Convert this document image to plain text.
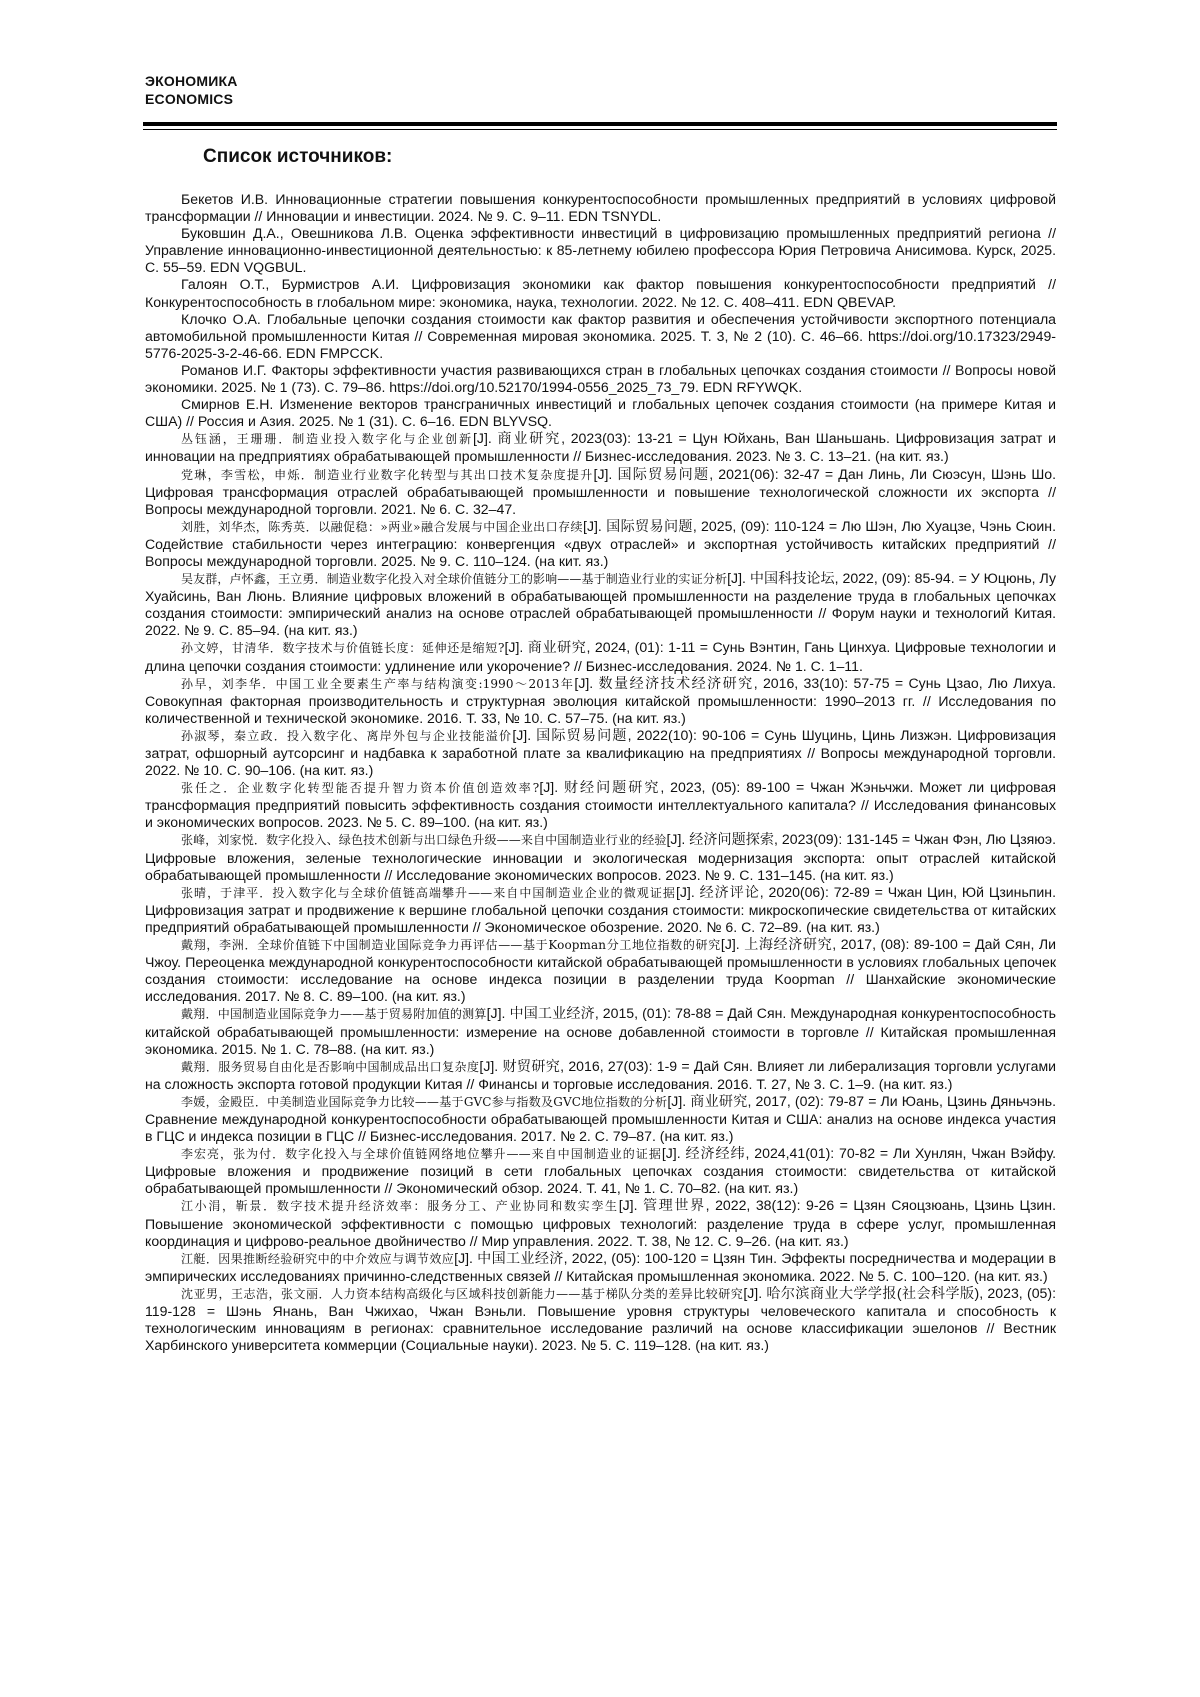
ЭКОНОМИКА
ECONOMICS
Список источников:

Бекетов И.В. Инновационные стратегии повышения конкурентоспособности промышленных предприятий в условиях цифровой трансформации // Инновации и инвестиции. 2024. № 9. С. 9–11. EDN TSNYDL.

Буковшин Д.А., Овешникова Л.В. Оценка эффективности инвестиций в цифровизацию промышленных предприятий региона // Управление инновационно-инвестиционной деятельностью: к 85-летнему юбилею профессора Юрия Петровича Анисимова. Курск, 2025. С. 55–59. EDN VQGBUL.

Галоян О.Т., Бурмистров А.И. Цифровизация экономики как фактор повышения конкурентоспособности предприятий // Конкурентоспособность в глобальном мире: экономика, наука, технологии. 2022. № 12. С. 408–411. EDN QBEVAP.

Клочко О.А. Глобальные цепочки создания стоимости как фактор развития и обеспечения устойчивости экспортного потенциала автомобильной промышленности Китая // Современная мировая экономика. 2025. Т. 3, № 2 (10). С. 46–66. https://doi.org/10.17323/2949-5776-2025-3-2-46-66. EDN FMPCCK.

Романов И.Г. Факторы эффективности участия развивающихся стран в глобальных цепочках создания стоимости // Вопросы новой экономики. 2025. № 1 (73). С. 79–86. https://doi.org/10.52170/1994-0556_2025_73_79. EDN RFYWQK.

Смирнов Е.Н. Изменение векторов трансграничных инвестиций и глобальных цепочек создания стоимости (на примере Китая и США) // Россия и Азия. 2025. № 1 (31). С. 6–16. EDN BLYVSQ.

丛钰涵，王珊珊．制造业投入数字化与企业创新[J]. 商业研究, 2023(03): 13-21 = Цун Юйхань, Ван Шаньшань. Цифровизация затрат и инновации на предприятиях обрабатывающей промышленности // Бизнес-исследования. 2023. № 3. С. 13–21. (на кит. яз.)

党琳，李雪松，申烁．制造业行业数字化转型与其出口技术复杂度提升[J]. 国际贸易问题, 2021(06): 32-47 = Дан Линь, Ли Сюэсун, Шэнь Шо. Цифровая трансформация отраслей обрабатывающей промышленности и повышение технологической сложности их экспорта // Вопросы международной торговли. 2021. № 6. С. 32–47.

刘胜，刘华杰，陈秀英．以融促稳：»两业»融合发展与中国企业出口存续[J]. 国际贸易问题, 2025, (09): 110-124 = Лю Шэн, Лю Хуацзе, Чэнь Сюин. Содействие стабильности через интеграцию: конвергенция «двух отраслей» и экспортная устойчивость китайских предприятий // Вопросы международной торговли. 2025. № 9. С. 110–124. (на кит. яз.)

吴友群，卢怀鑫，王立勇．制造业数字化投入对全球价值链分工的影响——基于制造业行业的实证分析[J]. 中国科技论坛, 2022, (09): 85-94. = У Юцюнь, Лу Хуайсинь, Ван Люнь. Влияние цифровых вложений в обрабатывающей промышленности на разделение труда в глобальных цепочках создания стоимости: эмпирический анализ на основе отраслей обрабатывающей промышленности // Форум науки и технологий Китая. 2022. № 9. С. 85–94. (на кит. яз.)

孙文婷，甘清华．数字技术与价值链长度：延伸还是缩短?[J]. 商业研究, 2024, (01): 1-11 = Сунь Вэнтин, Гань Цинхуа. Цифровые технологии и длина цепочки создания стоимости: удлинение или укорочение? // Бизнес-исследования. 2024. № 1. С. 1–11.

孙早，刘李华．中国工业全要素生产率与结构演变:1990～2013年[J]. 数量经济技术经济研究, 2016, 33(10): 57-75 = Сунь Цзао, Лю Лихуа. Совокупная факторная производительность и структурная эволюция китайской промышленности: 1990–2013 гг. // Исследования по количественной и технической экономике. 2016. Т. 33, № 10. С. 57–75. (на кит. яз.)

孙淑琴，秦立政．投入数字化、离岸外包与企业技能溢价[J]. 国际贸易问题, 2022(10): 90-106 = Сунь Шуцинь, Цинь Лизжэн. Цифровизация затрат, офшорный аутсорсинг и надбавка к заработной плате за квалификацию на предприятиях // Вопросы международной торговли. 2022. № 10. С. 90–106. (на кит. яз.)

张任之．企业数字化转型能否提升智力资本价值创造效率?[J]. 财经问题研究, 2023, (05): 89-100 = Чжан Жэньчжи. Может ли цифровая трансформация предприятий повысить эффективность создания стоимости интеллектуального капитала? // Исследования финансовых и экономических вопросов. 2023. № 5. С. 89–100. (на кит. яз.)

张峰，刘家悦．数字化投入、绿色技术创新与出口绿色升级——来自中国制造业行业的经验[J]. 经济问题探索, 2023(09): 131-145 = Чжан Фэн, Лю Цзяюэ. Цифровые вложения, зеленые технологические инновации и экологическая модернизация экспорта: опыт отраслей китайской обрабатывающей промышленности // Исследование экономических вопросов. 2023. № 9. С. 131–145. (на кит. яз.)

张晴，于津平．投入数字化与全球价值链高端攀升——来自中国制造业企业的微观证据[J]. 经济评论, 2020(06): 72-89 = Чжан Цин, Юй Цзиньпин. Цифровизация затрат и продвижение к вершине глобальной цепочки создания стоимости: микроскопические свидетельства от китайских предприятий обрабатывающей промышленности // Экономическое обозрение. 2020. № 6. С. 72–89. (на кит. яз.)

戴翔，李洲．全球价值链下中国制造业国际竞争力再评估——基于Koopman分工地位指数的研究[J]. 上海经济研究, 2017, (08): 89-100 = Дай Сян, Ли Чжоу. Переоценка международной конкурентоспособности китайской обрабатывающей промышленности в условиях глобальных цепочек создания стоимости: исследование на основе индекса позиции в разделении труда Koopman // Шанхайские экономические исследования. 2017. № 8. С. 89–100. (на кит. яз.)

戴翔．中国制造业国际竞争力——基于贸易附加值的测算[J]. 中国工业经济, 2015, (01): 78-88 = Дай Сян. Международная конкурентоспособность китайской обрабатывающей промышленности: измерение на основе добавленной стоимости в торговле // Китайская промышленная экономика. 2015. № 1. С. 78–88. (на кит. яз.)

戴翔．服务贸易自由化是否影响中国制成品出口复杂度[J]. 财贸研究, 2016, 27(03): 1-9 = Дай Сян. Влияет ли либерализация торговли услугами на сложность экспорта готовой продукции Китая // Финансы и торговые исследования. 2016. Т. 27, № 3. С. 1–9. (на кит. яз.)

李媛，金殿臣．中美制造业国际竞争力比较——基于GVC参与指数及GVC地位指数的分析[J]. 商业研究, 2017, (02): 79-87 = Ли Юань, Цзинь Дяньчэнь. Сравнение международной конкурентоспособности обрабатывающей промышленности Китая и США: анализ на основе индекса участия в ГЦС и индекса позиции в ГЦС // Бизнес-исследования. 2017. № 2. С. 79–87. (на кит. яз.)

李宏亮，张为付．数字化投入与全球价值链网络地位攀升——来自中国制造业的证据[J]. 经济经纬, 2024,41(01): 70-82 = Ли Хунлян, Чжан Вэйфу. Цифровые вложения и продвижение позиций в сети глобальных цепочках создания стоимости: свидетельства от китайской обрабатывающей промышленности // Экономический обзор. 2024. Т. 41, № 1. С. 70–82. (на кит. яз.)

江小涓，靳景．数字技术提升经济效率：服务分工、产业协同和数实孪生[J]. 管理世界, 2022, 38(12): 9-26 = Цзян Сяоцзюань, Цзинь Цзин. Повышение экономической эффективности с помощью цифровых технологий: разделение труда в сфере услуг, промышленная координация и цифрово-реальное двойничество // Мир управления. 2022. Т. 38, № 12. С. 9–26. (на кит. яз.)

江艇．因果推断经验研究中的中介效应与调节效应[J]. 中国工业经济, 2022, (05): 100-120 = Цзян Тин. Эффекты посредничества и модерации в эмпирических исследованиях причинно-следственных связей // Китайская промышленная экономика. 2022. № 5. С. 100–120. (на кит. яз.)

沈亚男，王志浩，张文丽．人力资本结构高级化与区域科技创新能力——基于梯队分类的差异比较研究[J]. 哈尔滨商业大学学报(社会科学版), 2023, (05): 119-128 = Шэнь Янань, Ван Чжихао, Чжан Вэньли. Повышение уровня структуры человеческого капитала и способность к технологическим инновациям в регионах: сравнительное исследование различий на основе классификации эшелонов // Вестник Харбинского университета коммерции (Социальные науки). 2023. № 5. С. 119–128. (на кит. яз.)
